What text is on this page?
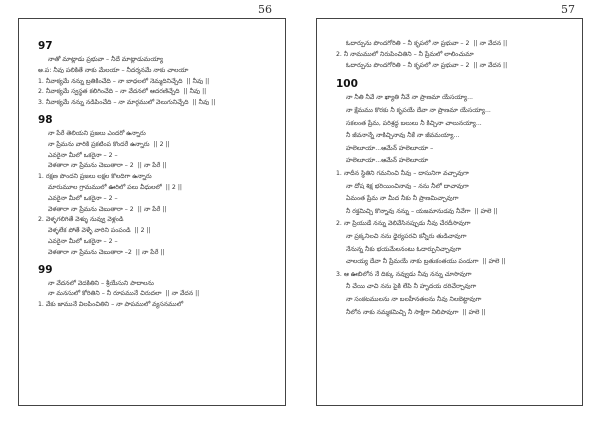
56	57
97
నాతో మాట్లాడు ప్రభువా – నీదే మాట్లాడుమయ్యా
అ.ప: నీవు పలికితే నాకు మేలయా – నీదర్శనమే నాకు చాలయా
1. నీవాక్యమే నన్ను బ్రతికించేది – నా బాధలలో నెమ్మదినిచ్చేది || నీవు ||
2. నీవాక్యమే స్వస్థత కలిగించేది – నా వేదనలో ఆదరణిచ్చేది || నీవు ||
3. నీవాక్యమే నన్ను నడిపించేది – నా మార్గములో వెలుగునిచ్చేది || నీవు ||
98
నా పేరే తెలియని ప్రజలు ఎందరో ఉన్నారు
నా ప్రేమను వారికి ప్రకటింప కొందరే ఉన్నారు || 2 ||
ఎవరైనా మీలో ఒకరైనా – 2 –
వెళతారా నా ప్రేమను చెబుతారా – 2 || నా పేరే ||
1. రక్షణ పొందని ప్రజలు లక్షల కొలదిగా ఉన్నారు
మారుమూల గ్రామములో ఊరిలో పలు వీధులలో || 2 ||
ఎవరైనా మీలో ఒకరైనా – 2 –
వెళతారా నా ప్రేమను చెబుతారా – 2 || నా పేరే ||
2. వెళ్ళగలిగితే వెళ్ళు నువ్వు వెళ్లండి
వెళ్ళలేక పోతే వెళ్ళే వారిని పంపండి || 2 ||
ఎవరైనా మీలో ఒకరైనా – 2 –
వెళతారా నా ప్రేమను చెబుతారా –2 || నా పేరే ||
99
నా వేదనలో వెదకితిని – శ్రీయేసుని పాదాలను
నా మనసులో కోరితిని – నీ రూపమునే చిరుదలా || నా వేదన ||
1. వేకు జామునే విలపించితిని – నా పాపములో వ్యసనములో
ఓదార్పును పొందగోరితి – నీ కృపలో నా ప్రభువా – 2 || నా వేదన ||
2. నీ నామములో నిరుపించితిని – నీ ప్రేమలో లాలించుమా
ఓదార్పును పొందగోరితి – నీ కృపలో నా ప్రభువా – 2 || నా వేదన ||
100
నా నీతి నీవే నా ఖ్యాతి నీవే నా ప్రాణమా యేసయ్యా...
నా క్షేమము కొరకు నీ కృపయే దేవా నా ప్రాణమా యేసయ్యా...
సకలంత ప్రేమ, పరిశ్రద్ధ బలులు నీ కిచ్చినా చాలునయ్యా...
నీ జీవనాన్నే నాకిచ్చినావు నీకే నా జీవమయ్యా...
హలెలూయా...ఆమేన్ హలెలూయా –
హలెలూయా...ఆమేన్ హలెలూయా
1. నాదీన స్థితిని గమనించి నీవు – దాసునిగా వచ్చావుగా
నా దోష శిక్ష భరియించినావు – నను నీలో దాచావుగా
ఏమంత ప్రేమ నా మీద నీకు నీ ప్రాణమిచ్చావుగా
నీ రక్తమిచ్చి కొన్నావు నన్ను – యజమానుడవు నీవేగా || హలె ||
2. నా ప్రియుడే నన్ను వెలివేసినప్పుడు నీవు చేరదీసావుగా
నా ప్రక్కనిలచి నను ధైర్యపరచి కన్నీరు తుడిచావుగా
నేనున్న నీకు భయమేలనంటు ఓదార్పునిచ్చావుగా
చాలయ్య దేవా నీ ప్రేమయే నాకు బ్రతుకంతయు పండుగా || హలె ||
3. ఆ ఊబిలోన నే దిక్కు నవ్వుడు నీవు నన్ను చూసావుగా
నీ చేయి చాచి నను పైకి లేపి నీ హృదయ దరిచేర్చావుగా
నా సంకటములను నా బలహీనతలను నీవు నిలబెట్టావుగా
నీలోన నాకు నమ్మకమిచ్చి నీ సాక్షిగా నిలిపావుగా || హలె ||
